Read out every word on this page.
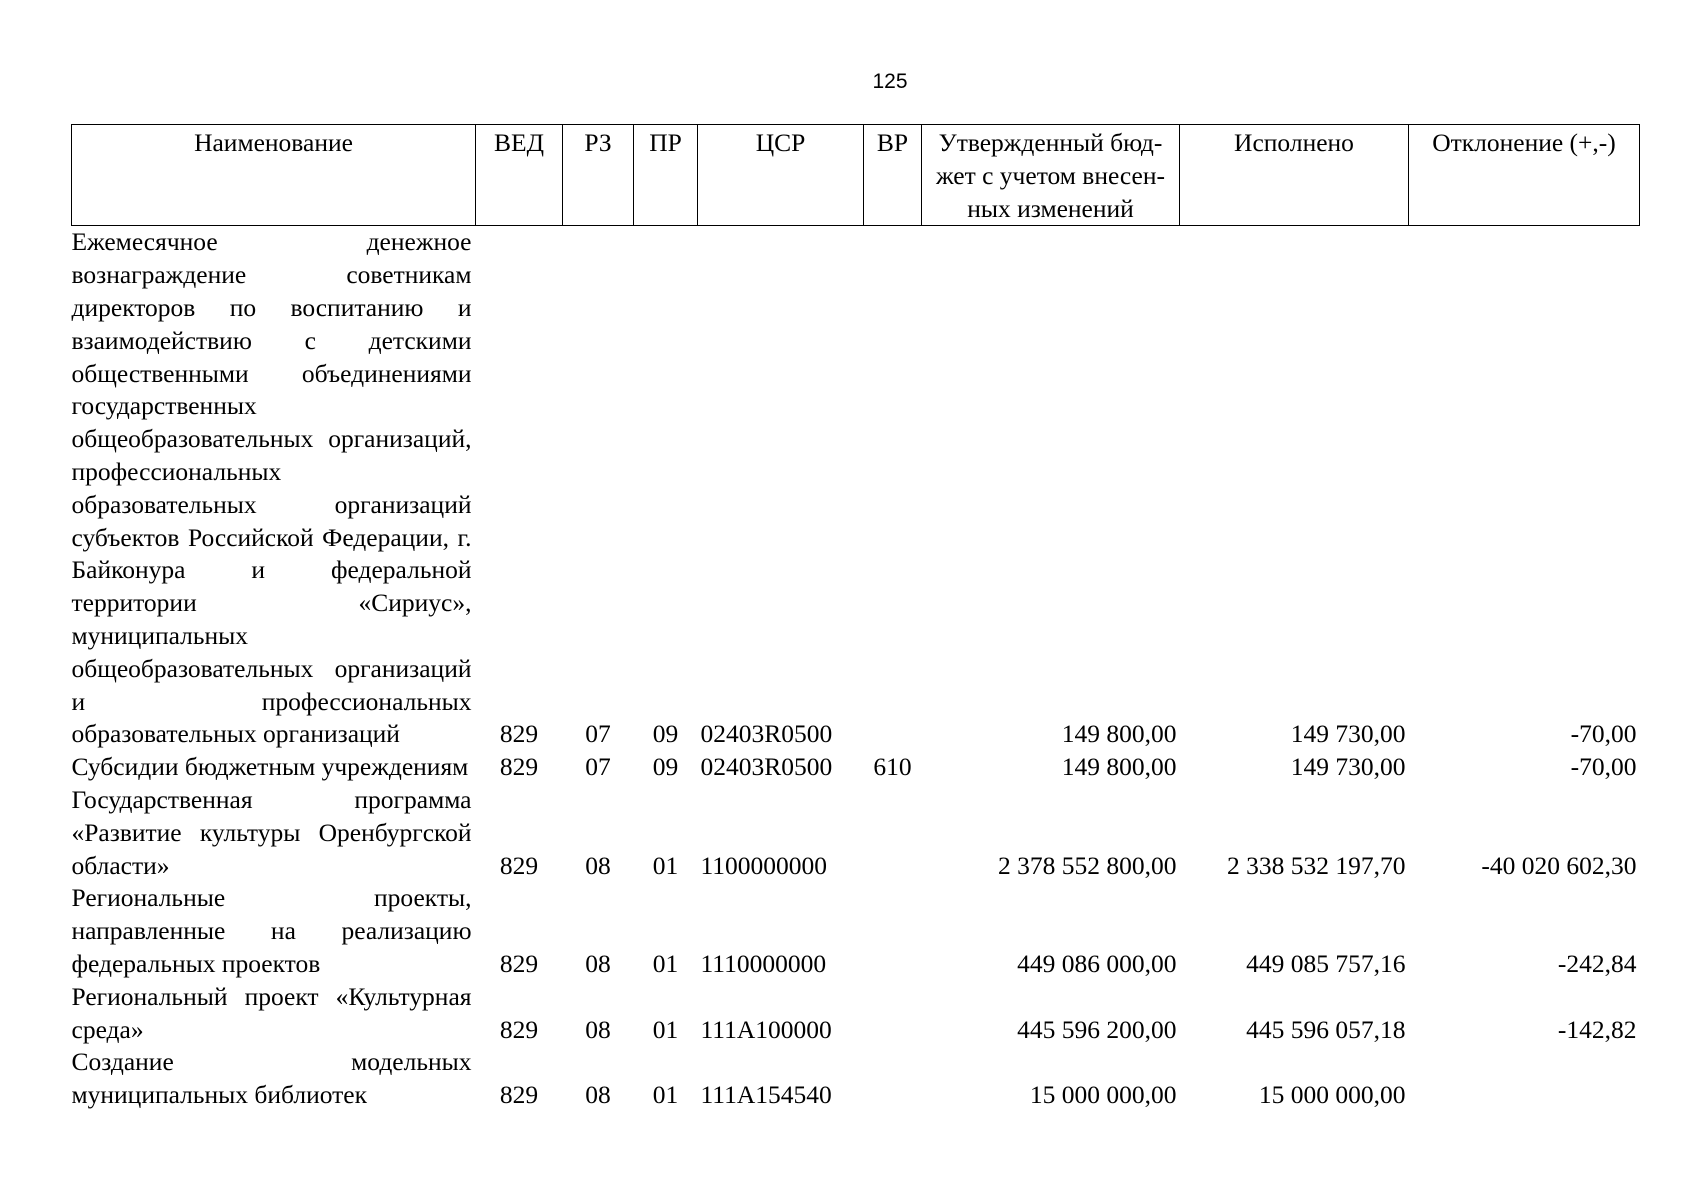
125
Наименование	ВЕД	РЗ	ПР	ЦСР	ВР	Утвержденный бюд-жет с учетом внесен-ных изменений	Исполнено	Отклонение (+,-)
Ежемесячное денежное вознаграждение советникам директоров по воспитанию и взаимодействию с детскими общественными объединениями государственных общеобразовательных организаций, профессиональных образовательных организаций субъектов Российской Федерации, г. Байконура и федеральной территории «Сириус», муниципальных общеобразовательных организаций и профессиональных образовательных организаций	829	07	09	02403R0500		149 800,00	149 730,00	-70,00
Субсидии бюджетным учреждениям	829	07	09	02403R0500	610	149 800,00	149 730,00	-70,00
Государственная программа «Развитие культуры Оренбургской области»	829	08	01	1100000000		2 378 552 800,00	2 338 532 197,70	-40 020 602,30
Региональные проекты, направленные на реализацию федеральных проектов	829	08	01	1110000000		449 086 000,00	449 085 757,16	-242,84
Региональный проект «Культурная среда»	829	08	01	111А100000		445 596 200,00	445 596 057,18	-142,82
Создание модельных муниципальных библиотек	829	08	01	111А154540		15 000 000,00	15 000 000,00	
